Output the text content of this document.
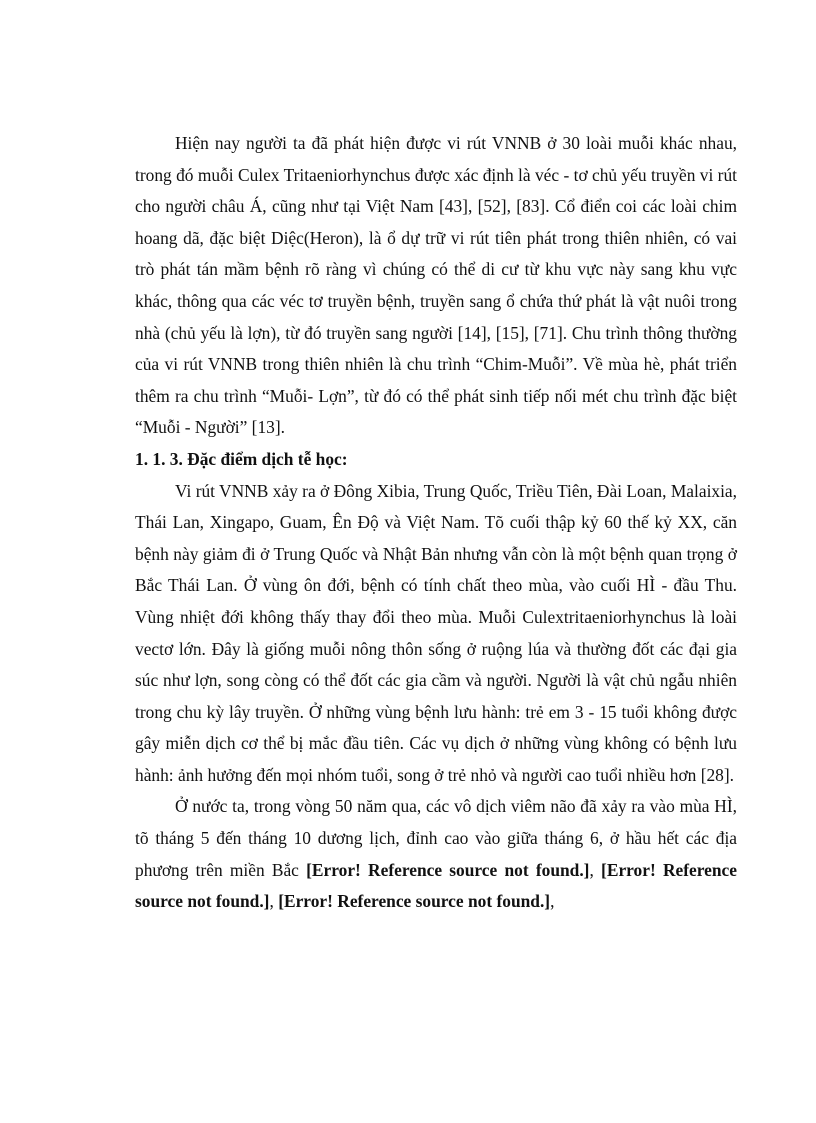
Hiện nay người ta đã phát hiện được vi rút VNNB ở 30 loài muỗi khác nhau, trong đó muỗi Culex Tritaeniorhynchus được xác định là véc - tơ chủ yếu truyền vi rút cho người châu Á, cũng như tại Việt Nam [43], [52], [83]. Cổ điển coi các loài chim hoang dã, đặc biệt Diệc(Heron), là ổ dự trữ vi rút tiên phát trong thiên nhiên, có vai trò phát tán mầm bệnh rõ ràng vì chúng có thể di cư từ khu vực này sang khu vực khác, thông qua các véc tơ truyền bệnh, truyền sang ổ chứa thứ phát là vật nuôi trong nhà (chủ yếu là lợn), từ đó truyền sang người [14], [15], [71]. Chu trình thông thường của vi rút VNNB trong thiên nhiên là chu trình “Chim-Muỗi”. Về mùa hè, phát triển thêm ra chu trình “Muỗi- Lợn”, từ đó có thể phát sinh tiếp nối mét chu trình đặc biệt “Muỗi - Người” [13].

1. 1. 3. Đặc điểm dịch tễ học:

Vi rút VNNB xảy ra ở Đông Xibia, Trung Quốc, Triều Tiên, Đài Loan, Malaixia, Thái Lan, Xingapo, Guam, Ên Độ và Việt Nam. Tõ cuối thập kỷ 60 thế kỷ XX, căn bệnh này giảm đi ở Trung Quốc và Nhật Bản nhưng vẫn còn là một bệnh quan trọng ở Bắc Thái Lan. Ở vùng ôn đới, bệnh có tính chất theo mùa, vào cuối HÌ - đầu Thu. Vùng nhiệt đới không thấy thay đổi theo mùa. Muỗi Culextritaeniorhynchus là loài vectơ lớn. Đây là giống muỗi nông thôn sống ở ruộng lúa và thường đốt các đại gia súc như lợn, song còng có thể đốt các gia cầm và người. Người là vật chủ ngẫu nhiên trong chu kỳ lây truyền. Ở những vùng bệnh lưu hành: trẻ em 3 - 15 tuổi không được gây miễn dịch cơ thể bị mắc đầu tiên. Các vụ dịch ở những vùng không có bệnh lưu hành: ảnh hưởng đến mọi nhóm tuổi, song ở trẻ nhỏ và người cao tuổi nhiều hơn [28].

Ở nước ta, trong vòng 50 năm qua, các vô dịch viêm não đã xảy ra vào mùa HÌ, tõ tháng 5 đến tháng 10 dương lịch, đỉnh cao vào giữa tháng 6, ở hầu hết các địa phương trên miền Bắc [Error! Reference source not found.], [Error! Reference source not found.], [Error! Reference source not found.],
